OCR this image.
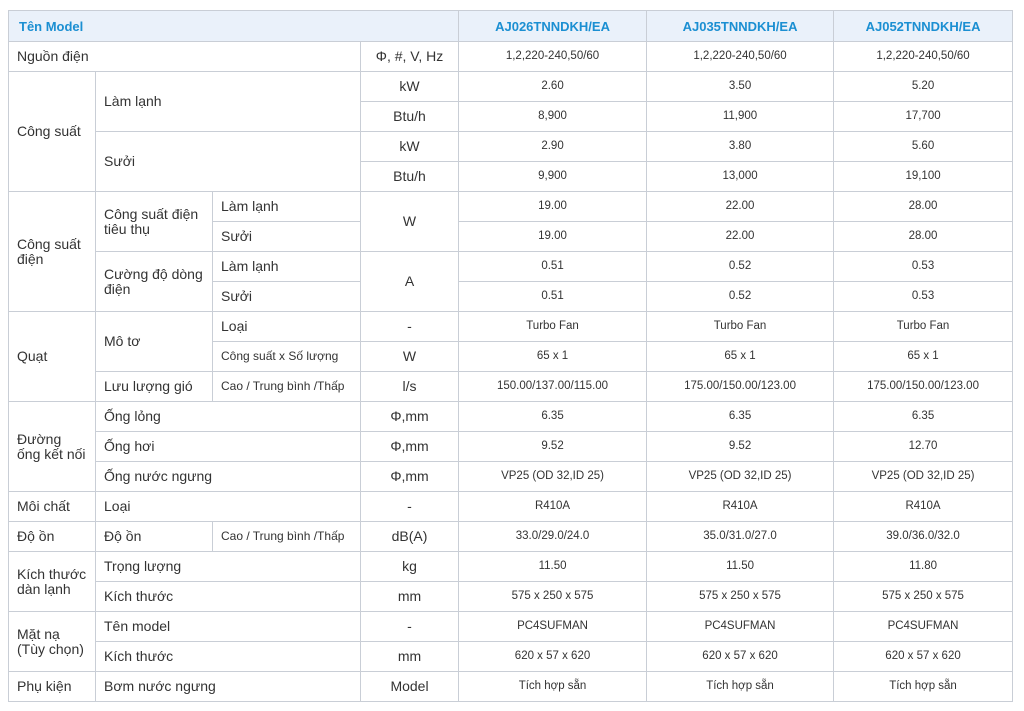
Tên Model				AJ026TNNDKH/EA	AJ035TNNDKH/EA	AJ052TNNDKH/EA
Nguồn điện			Φ, #, V, Hz	1,2,220-240,50/60	1,2,220-240,50/60	1,2,220-240,50/60
Công suất	Làm lạnh		kW	2.60	3.50	5.20
			Btu/h	8,900	11,900	17,700
	Sưởi		kW	2.90	3.80	5.60
			Btu/h	9,900	13,000	19,100
Công suất điện	Công suất điện tiêu thụ	Làm lạnh	W	19.00	22.00	28.00
		Sưởi		19.00	22.00	28.00
	Cường độ dòng điện	Làm lạnh	A	0.51	0.52	0.53
		Sưởi		0.51	0.52	0.53
Quạt	Mô tơ	Loại	-	Turbo Fan	Turbo Fan	Turbo Fan
		Công suất x Số lượng	W	65 x 1	65 x 1	65 x 1
	Lưu lượng gió	Cao / Trung bình /Thấp	l/s	150.00/137.00/115.00	175.00/150.00/123.00	175.00/150.00/123.00
Đường ống kết nối	Ống lỏng		Φ,mm	6.35	6.35	6.35
	Ống hơi		Φ,mm	9.52	9.52	12.70
	Ống nước ngưng		Φ,mm	VP25 (OD 32,ID 25)	VP25 (OD 32,ID 25)	VP25 (OD 32,ID 25)
Môi chất	Loại		-	R410A	R410A	R410A
Độ ồn	Độ ồn	Cao / Trung bình /Thấp	dB(A)	33.0/29.0/24.0	35.0/31.0/27.0	39.0/36.0/32.0
Kích thước dàn lạnh	Trọng lượng		kg	11.50	11.50	11.80
	Kích thước		mm	575 x 250 x 575	575 x 250 x 575	575 x 250 x 575
Mặt nạ (Tùy chọn)	Tên model		-	PC4SUFMAN	PC4SUFMAN	PC4SUFMAN
	Kích thước		mm	620 x 57 x 620	620 x 57 x 620	620 x 57 x 620
Phụ kiện	Bơm nước ngưng		Model	Tích hợp sẵn	Tích hợp sẵn	Tích hợp sẵn
